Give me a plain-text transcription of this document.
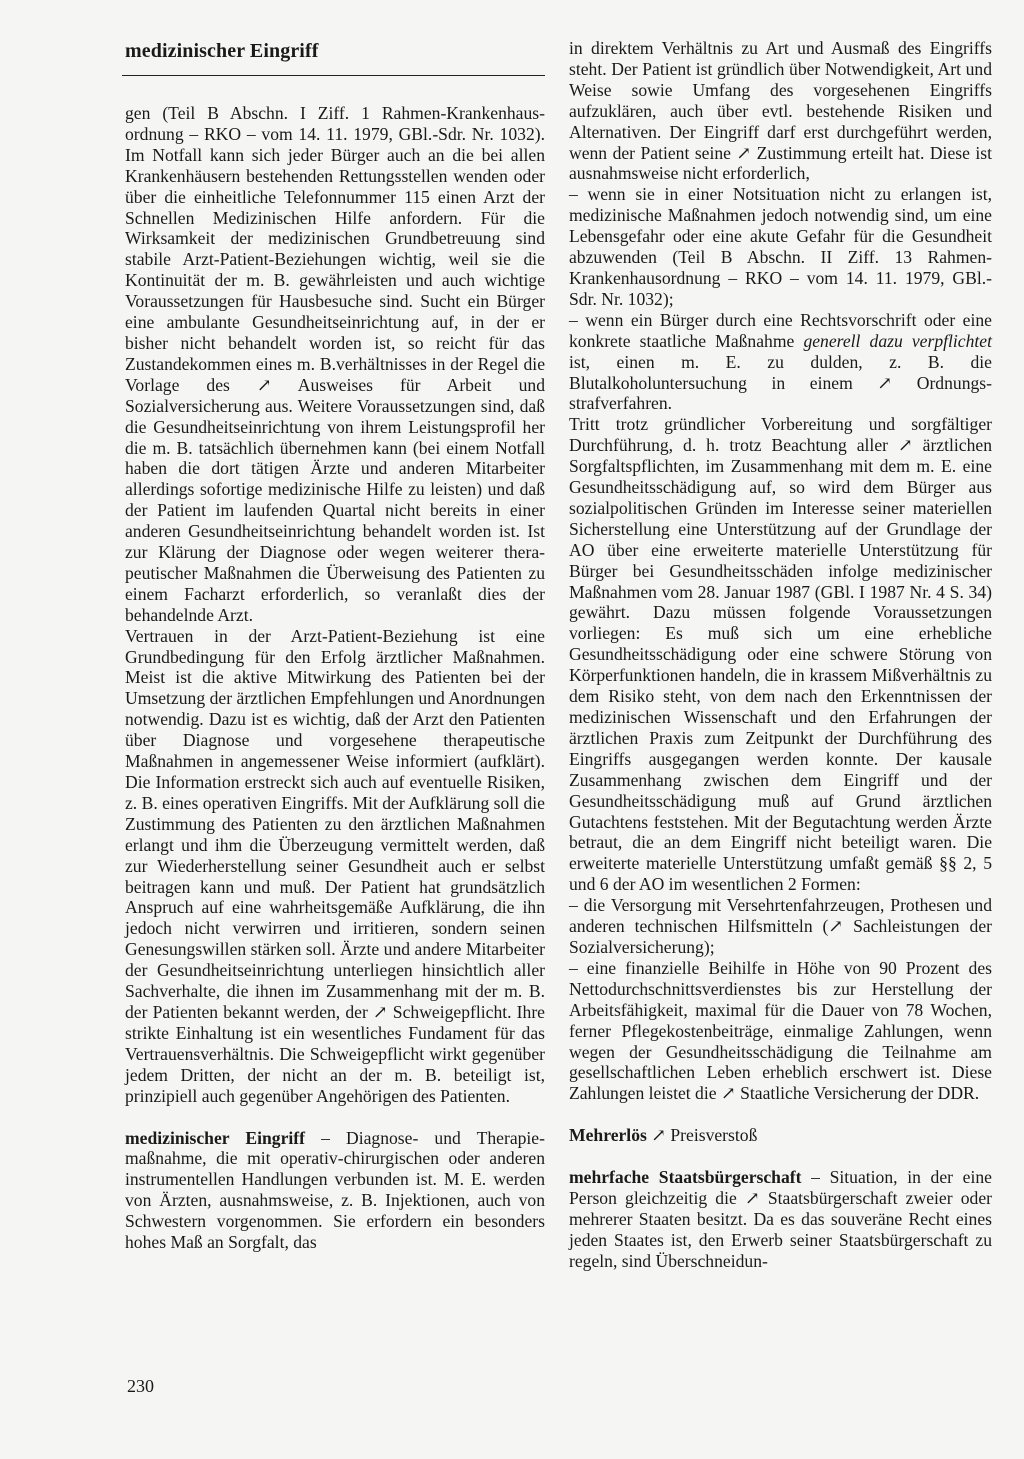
medizinischer Eingriff

gen (Teil B Abschn. I Ziff. 1 Rahmen-Krankenhausordnung – RKO – vom 14. 11. 1979, GBl.-Sdr. Nr. 1032). Im Notfall kann sich jeder Bürger auch an die bei allen Krankenhäusern bestehenden Rettungsstellen wenden oder über die einheitliche Telefonnummer 115 einen Arzt der Schnellen Medizinischen Hilfe anfordern. Für die Wirksamkeit der medizinischen Grundbetreuung sind stabile Arzt-Patient-Beziehungen wichtig, weil sie die Kontinuität der m. B. gewährleisten und auch wichtige Voraussetzungen für Hausbesuche sind. Sucht ein Bürger eine ambulante Gesundheitseinrichtung auf, in der er bisher nicht behandelt worden ist, so reicht für das Zustandekommen eines m. B.verhältnisses in der Regel die Vorlage des ↗ Ausweises für Arbeit und Sozialversicherung aus. Weitere Voraussetzungen sind, daß die Gesundheitseinrichtung von ihrem Leistungsprofil her die m. B. tatsächlich übernehmen kann (bei einem Notfall haben die dort tätigen Ärzte und anderen Mitarbeiter allerdings sofortige medizinische Hilfe zu leisten) und daß der Patient im laufenden Quartal nicht bereits in einer anderen Gesundheitseinrichtung behandelt worden ist. Ist zur Klärung der Diagnose oder wegen weiterer therapeutischer Maßnahmen die Überweisung des Patienten zu einem Facharzt erforderlich, so veranlaßt dies der behandelnde Arzt.

Vertrauen in der Arzt-Patient-Beziehung ist eine Grundbedingung für den Erfolg ärztlicher Maßnahmen. Meist ist die aktive Mitwirkung des Patienten bei der Umsetzung der ärztlichen Empfehlungen und Anordnungen notwendig. Dazu ist es wichtig, daß der Arzt den Patienten über Diagnose und vorgesehene therapeutische Maßnahmen in angemessener Weise informiert (aufklärt). Die Information erstreckt sich auch auf eventuelle Risiken, z. B. eines operativen Eingriffs. Mit der Aufklärung soll die Zustimmung des Patienten zu den ärztlichen Maßnahmen erlangt und ihm die Überzeugung vermittelt werden, daß zur Wiederherstellung seiner Gesundheit auch er selbst beitragen kann und muß. Der Patient hat grundsätzlich Anspruch auf eine wahrheitsgemäße Aufklärung, die ihn jedoch nicht verwirren und irritieren, sondern seinen Genesungswillen stärken soll. Ärzte und andere Mitarbeiter der Gesundheitseinrichtung unterliegen hinsichtlich aller Sachverhalte, die ihnen im Zusammenhang mit der m. B. der Patienten bekannt werden, der ↗ Schweigepflicht. Ihre strikte Einhaltung ist ein wesentliches Fundament für das Vertrauensverhältnis. Die Schweigepflicht wirkt gegenüber jedem Dritten, der nicht an der m. B. beteiligt ist, prinzipiell auch gegenüber Angehörigen des Patienten.

medizinischer Eingriff – Diagnose- und Therapiemaßnahme, die mit operativ-chirurgischen oder anderen instrumentellen Handlungen verbunden ist. M. E. werden von Ärzten, ausnahmsweise, z. B. Injektionen, auch von Schwestern vorgenommen. Sie erfordern ein besonders hohes Maß an Sorgfalt, das

in direktem Verhältnis zu Art und Ausmaß des Eingriffs steht. Der Patient ist gründlich über Notwendigkeit, Art und Weise sowie Umfang des vorgesehenen Eingriffs aufzuklären, auch über evtl. bestehende Risiken und Alternativen. Der Eingriff darf erst durchgeführt werden, wenn der Patient seine ↗ Zustimmung erteilt hat. Diese ist ausnahmsweise nicht erforderlich,

– wenn sie in einer Notsituation nicht zu erlangen ist, medizinische Maßnahmen jedoch notwendig sind, um eine Lebensgefahr oder eine akute Gefahr für die Gesundheit abzuwenden (Teil B Abschn. II Ziff. 13 Rahmen-Krankenhausordnung – RKO – vom 14. 11. 1979, GBl.-Sdr. Nr. 1032);

– wenn ein Bürger durch eine Rechtsvorschrift oder eine konkrete staatliche Maßnahme generell dazu verpflichtet ist, einen m. E. zu dulden, z. B. die Blutalkoholuntersuchung in einem ↗ Ordnungsstrafverfahren.

Tritt trotz gründlicher Vorbereitung und sorgfältiger Durchführung, d. h. trotz Beachtung aller ↗ ärztlichen Sorgfaltspflichten, im Zusammenhang mit dem m. E. eine Gesundheitsschädigung auf, so wird dem Bürger aus sozialpolitischen Gründen im Interesse seiner materiellen Sicherstellung eine Unterstützung auf der Grundlage der AO über eine erweiterte materielle Unterstützung für Bürger bei Gesundheitsschäden infolge medizinischer Maßnahmen vom 28. Januar 1987 (GBl. I 1987 Nr. 4 S. 34) gewährt. Dazu müssen folgende Voraussetzungen vorliegen: Es muß sich um eine erhebliche Gesundheitsschädigung oder eine schwere Störung von Körperfunktionen handeln, die in krassem Mißverhältnis zu dem Risiko steht, von dem nach den Erkenntnissen der medizinischen Wissenschaft und den Erfahrungen der ärztlichen Praxis zum Zeitpunkt der Durchführung des Eingriffs ausgegangen werden konnte. Der kausale Zusammenhang zwischen dem Eingriff und der Gesundheitsschädigung muß auf Grund ärztlichen Gutachtens feststehen. Mit der Begutachtung werden Ärzte betraut, die an dem Eingriff nicht beteiligt waren. Die erweiterte materielle Unterstützung umfaßt gemäß §§ 2, 5 und 6 der AO im wesentlichen 2 Formen:

– die Versorgung mit Versehrtenfahrzeugen, Prothesen und anderen technischen Hilfsmitteln (↗ Sachleistungen der Sozialversicherung);

– eine finanzielle Beihilfe in Höhe von 90 Prozent des Nettodurchschnittsverdienstes bis zur Herstellung der Arbeitsfähigkeit, maximal für die Dauer von 78 Wochen, ferner Pflegekostenbeiträge, einmalige Zahlungen, wenn wegen der Gesundheitsschädigung die Teilnahme am gesellschaftlichen Leben erheblich erschwert ist. Diese Zahlungen leistet die ↗ Staatliche Versicherung der DDR.

Mehrerlös ↗ Preisverstoß

mehrfache Staatsbürgerschaft – Situation, in der eine Person gleichzeitig die ↗ Staatsbürgerschaft zweier oder mehrerer Staaten besitzt. Da es das souveräne Recht eines jeden Staates ist, den Erwerb seiner Staatsbürgerschaft zu regeln, sind Überschneidun-

230
